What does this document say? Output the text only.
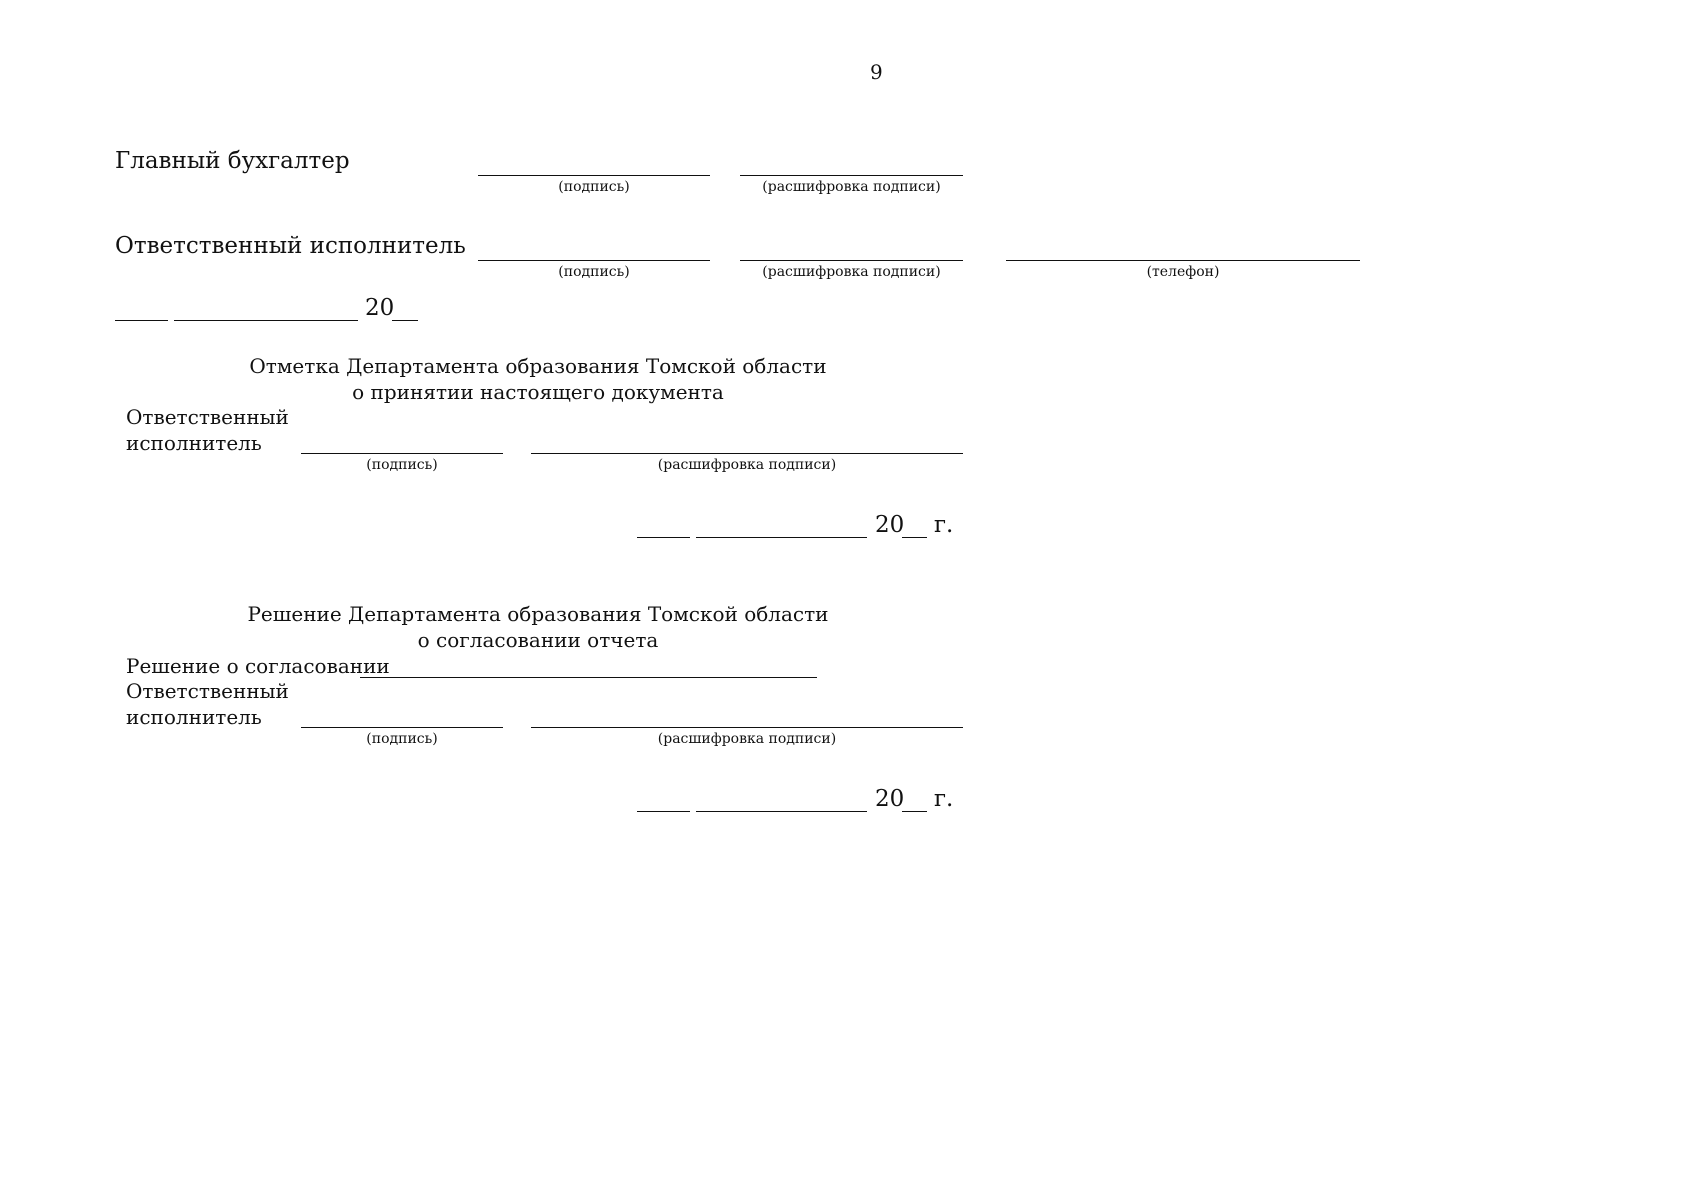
9
Главный бухгалтер
(подпись)	(расшифровка подписи)
Ответственный исполнитель
(подпись)	(расшифровка подписи)	(телефон)
20
Отметка Департамента образования Томской области
о принятии настоящего документа
Ответственный
исполнитель
(подпись)	(расшифровка подписи)
20 г.
Решение Департамента образования Томской области
о согласовании отчета
Решение о согласовании
Ответственный
исполнитель
(подпись)	(расшифровка подписи)
20 г.
